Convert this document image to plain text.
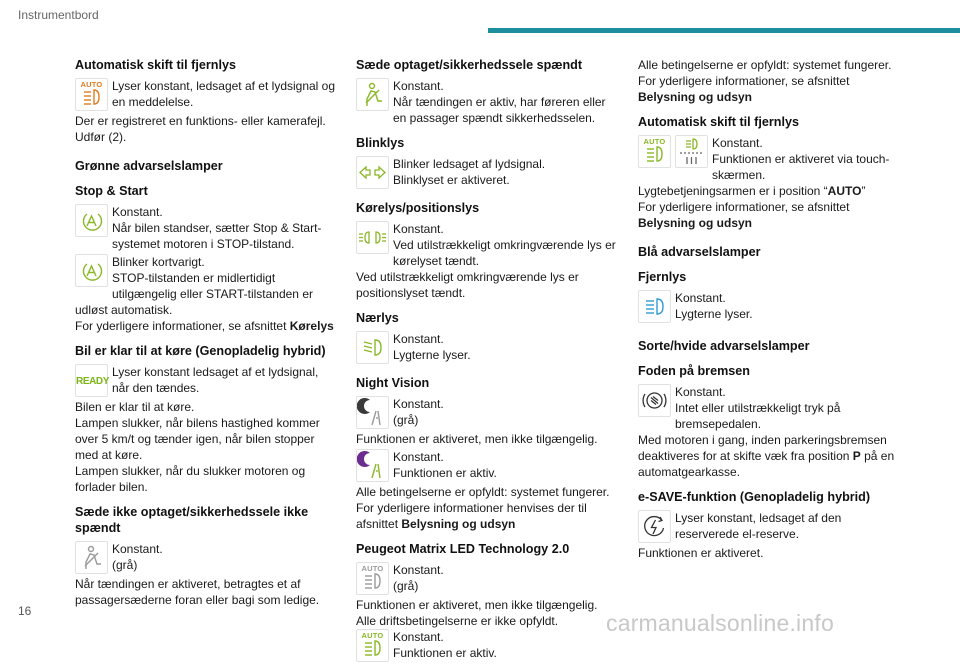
Instrumentbord
Automatisk skift til fjernlys
AUTO Lyser konstant, ledsaget af et lydsignal og en meddelelse.

Der er registreret en funktions- eller kamerafejl.

Udfør (2).

Grønne advarselslamper
Stop & Start
Konstant.
Når bilen standser, sætter Stop & Start-systemet motoren i STOP-tilstand.
Blinker kortvarigt.
STOP-tilstanden er midlertidigt utilgængelig eller START-tilstanden er udløst automatisk.

For yderligere informationer, se afsnittet Kørelys

Bil er klar til at køre (Genopladelig hybrid)
READY
Lyser konstant ledsaget af et lydsignal, når den tændes.

Bilen er klar til at køre.

Lampen slukker, når bilens hastighed kommer over 5 km/t og tænder igen, når bilen stopper med at køre.

Lampen slukker, når du slukker motoren og forlader bilen.

Sæde ikke optaget/sikkerhedssele ikke spændt
Konstant.
(grå)

Når tændingen er aktiveret, betragtes et af passagersæderne foran eller bagi som ledige.

Sæde optaget/sikkerhedssele spændt
Konstant.
Når tændingen er aktiv, har føreren eller en passager spændt sikkerhedsselen.
Blinklys
Blinker ledsaget af lydsignal.
Blinklyset er aktiveret.
Kørelys/positionslys
Konstant.
Ved utilstrækkeligt omkringværende lys er kørelyset tændt.

Ved utilstrækkeligt omkringværende lys er positionslyset tændt.

Nærlys
Konstant.
Lygterne lyser.
Night Vision
Konstant.
(grå)

Funktionen er aktiveret, men ikke tilgængelig.

Konstant.
Funktionen er aktiv.

Alle betingelserne er opfyldt: systemet fungerer.

For yderligere informationer henvises der til afsnittet Belysning og udsyn

Peugeot Matrix LED Technology 2.0
AUTO Konstant.
(grå)

Funktionen er aktiveret, men ikke tilgængelig.

Alle driftsbetingelserne er ikke opfyldt.

AUTO Konstant.
Funktionen er aktiv.

Alle betingelserne er opfyldt: systemet fungerer.

For yderligere informationer, se afsnittet

Belysning og udsyn

Automatisk skift til fjernlys
AUTO	Konstant.
Funktionen er aktiveret via touch-skærmen.

Lygtebetjeningsarmen er i position “AUTO”

For yderligere informationer, se afsnittet

Belysning og udsyn

Blå advarselslamper
Fjernlys
Konstant.
Lygterne lyser.
Sorte/hvide advarselslamper
Foden på bremsen
Konstant.
Intet eller utilstrækkeligt tryk på bremsepedalen.

Med motoren i gang, inden parkeringsbremsen deaktiveres for at skifte væk fra position P på en automatgearkasse.

e-SAVE-funktion (Genopladelig hybrid)
Lyser konstant, ledsaget af den reserverede el-reserve.

Funktionen er aktiveret.

16	carmanualsonline.info
